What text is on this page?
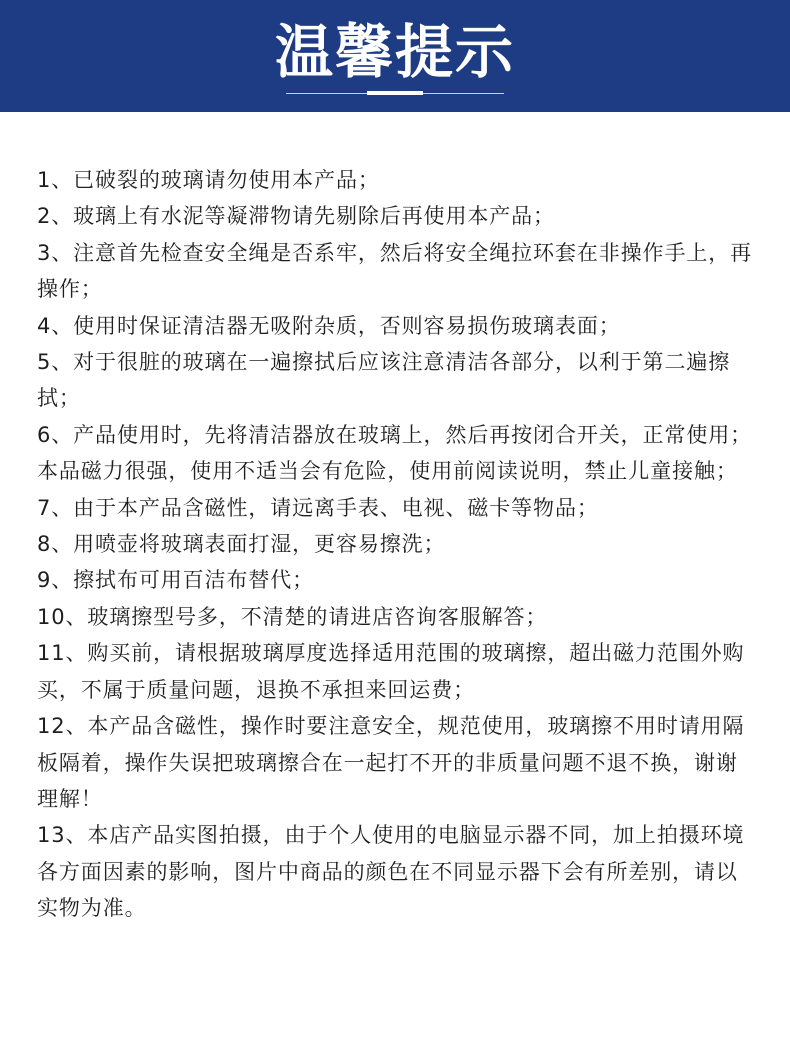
温馨提示
1、已破裂的玻璃请勿使用本产品；
2、玻璃上有水泥等凝滞物请先剔除后再使用本产品；
3、注意首先检查安全绳是否系牢，然后将安全绳拉环套在非操作手上，再操作；
4、使用时保证清洁器无吸附杂质，否则容易损伤玻璃表面；
5、对于很脏的玻璃在一遍擦拭后应该注意清洁各部分，以利于第二遍擦拭；
6、产品使用时，先将清洁器放在玻璃上，然后再按闭合开关，正常使用；本品磁力很强，使用不适当会有危险，使用前阅读说明，禁止儿童接触；
7、由于本产品含磁性，请远离手表、电视、磁卡等物品；
8、用喷壶将玻璃表面打湿，更容易擦洗；
9、擦拭布可用百洁布替代；
10、玻璃擦型号多，不清楚的请进店咨询客服解答；
11、购买前，请根据玻璃厚度选择适用范围的玻璃擦，超出磁力范围外购买，不属于质量问题，退换不承担来回运费；
12、本产品含磁性，操作时要注意安全，规范使用，玻璃擦不用时请用隔板隔着，操作失误把玻璃擦合在一起打不开的非质量问题不退不换，谢谢理解！
13、本店产品实图拍摄，由于个人使用的电脑显示器不同，加上拍摄环境各方面因素的影响，图片中商品的颜色在不同显示器下会有所差别，请以实物为准。
